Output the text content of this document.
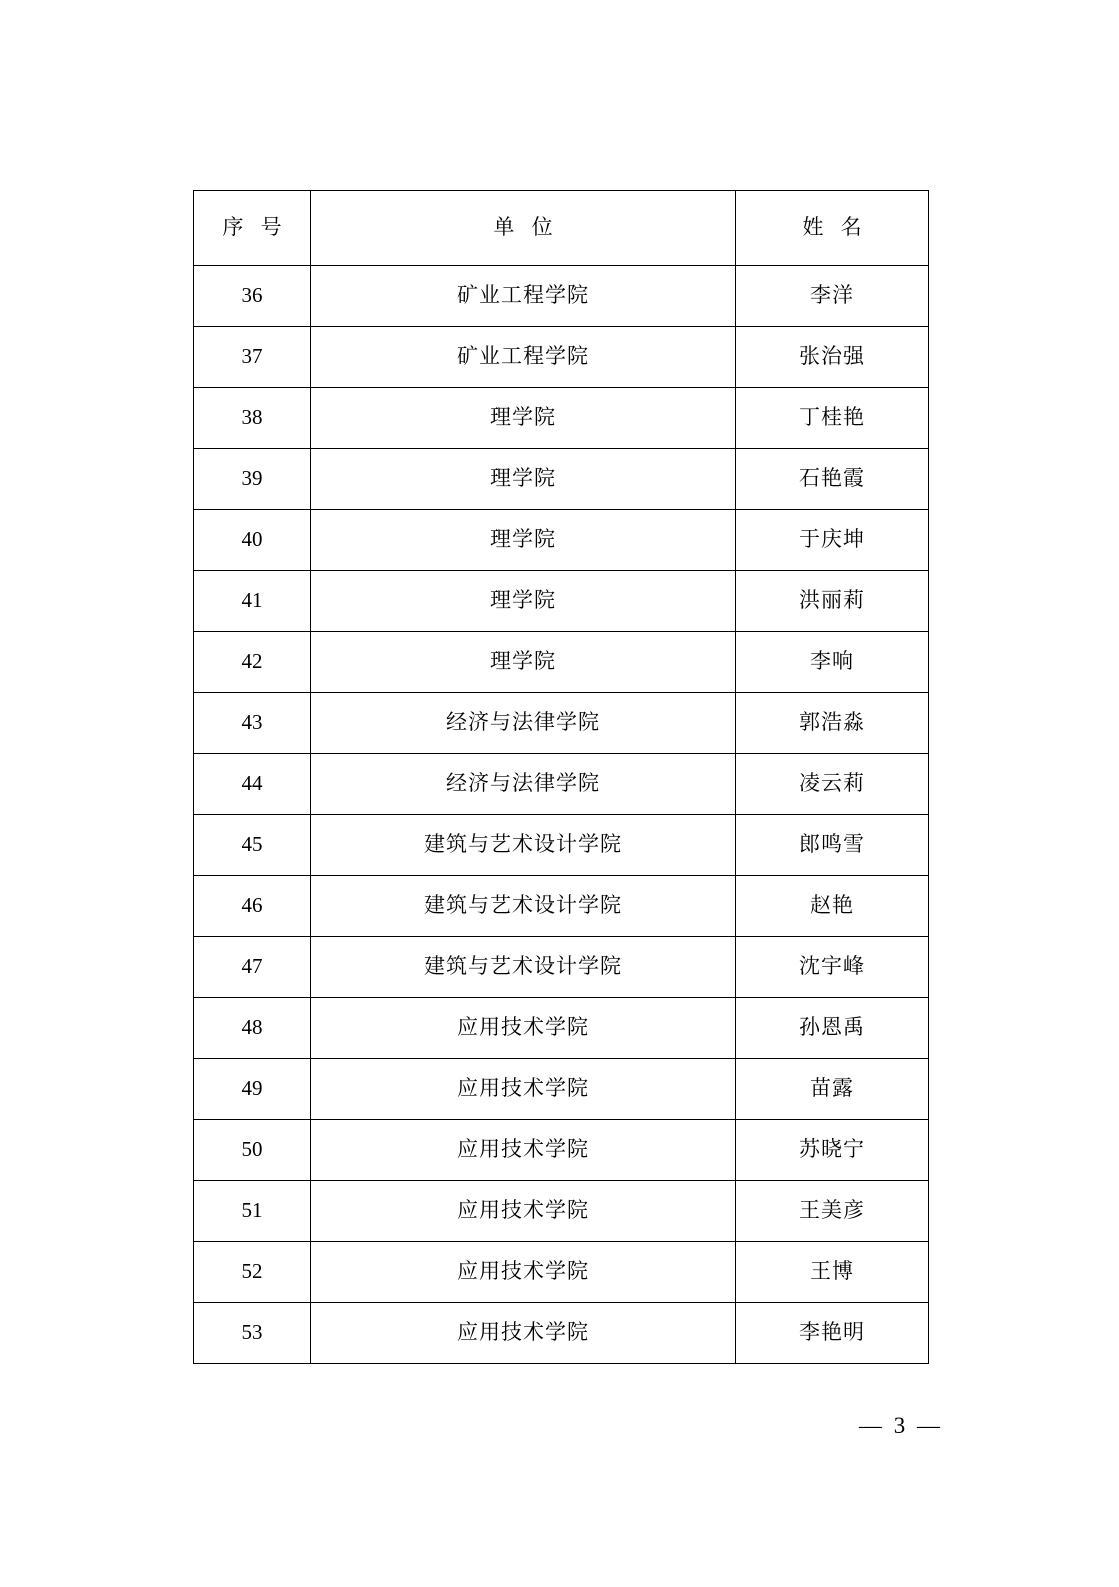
序 号	单 位	姓 名
36	矿业工程学院	李洋
37	矿业工程学院	张治强
38	理学院	丁桂艳
39	理学院	石艳霞
40	理学院	于庆坤
41	理学院	洪丽莉
42	理学院	李响
43	经济与法律学院	郭浩淼
44	经济与法律学院	凌云莉
45	建筑与艺术设计学院	郎鸣雪
46	建筑与艺术设计学院	赵艳
47	建筑与艺术设计学院	沈宇峰
48	应用技术学院	孙恩禹
49	应用技术学院	苗露
50	应用技术学院	苏晓宁
51	应用技术学院	王美彦
52	应用技术学院	王博
53	应用技术学院	李艳明
— 3 —
